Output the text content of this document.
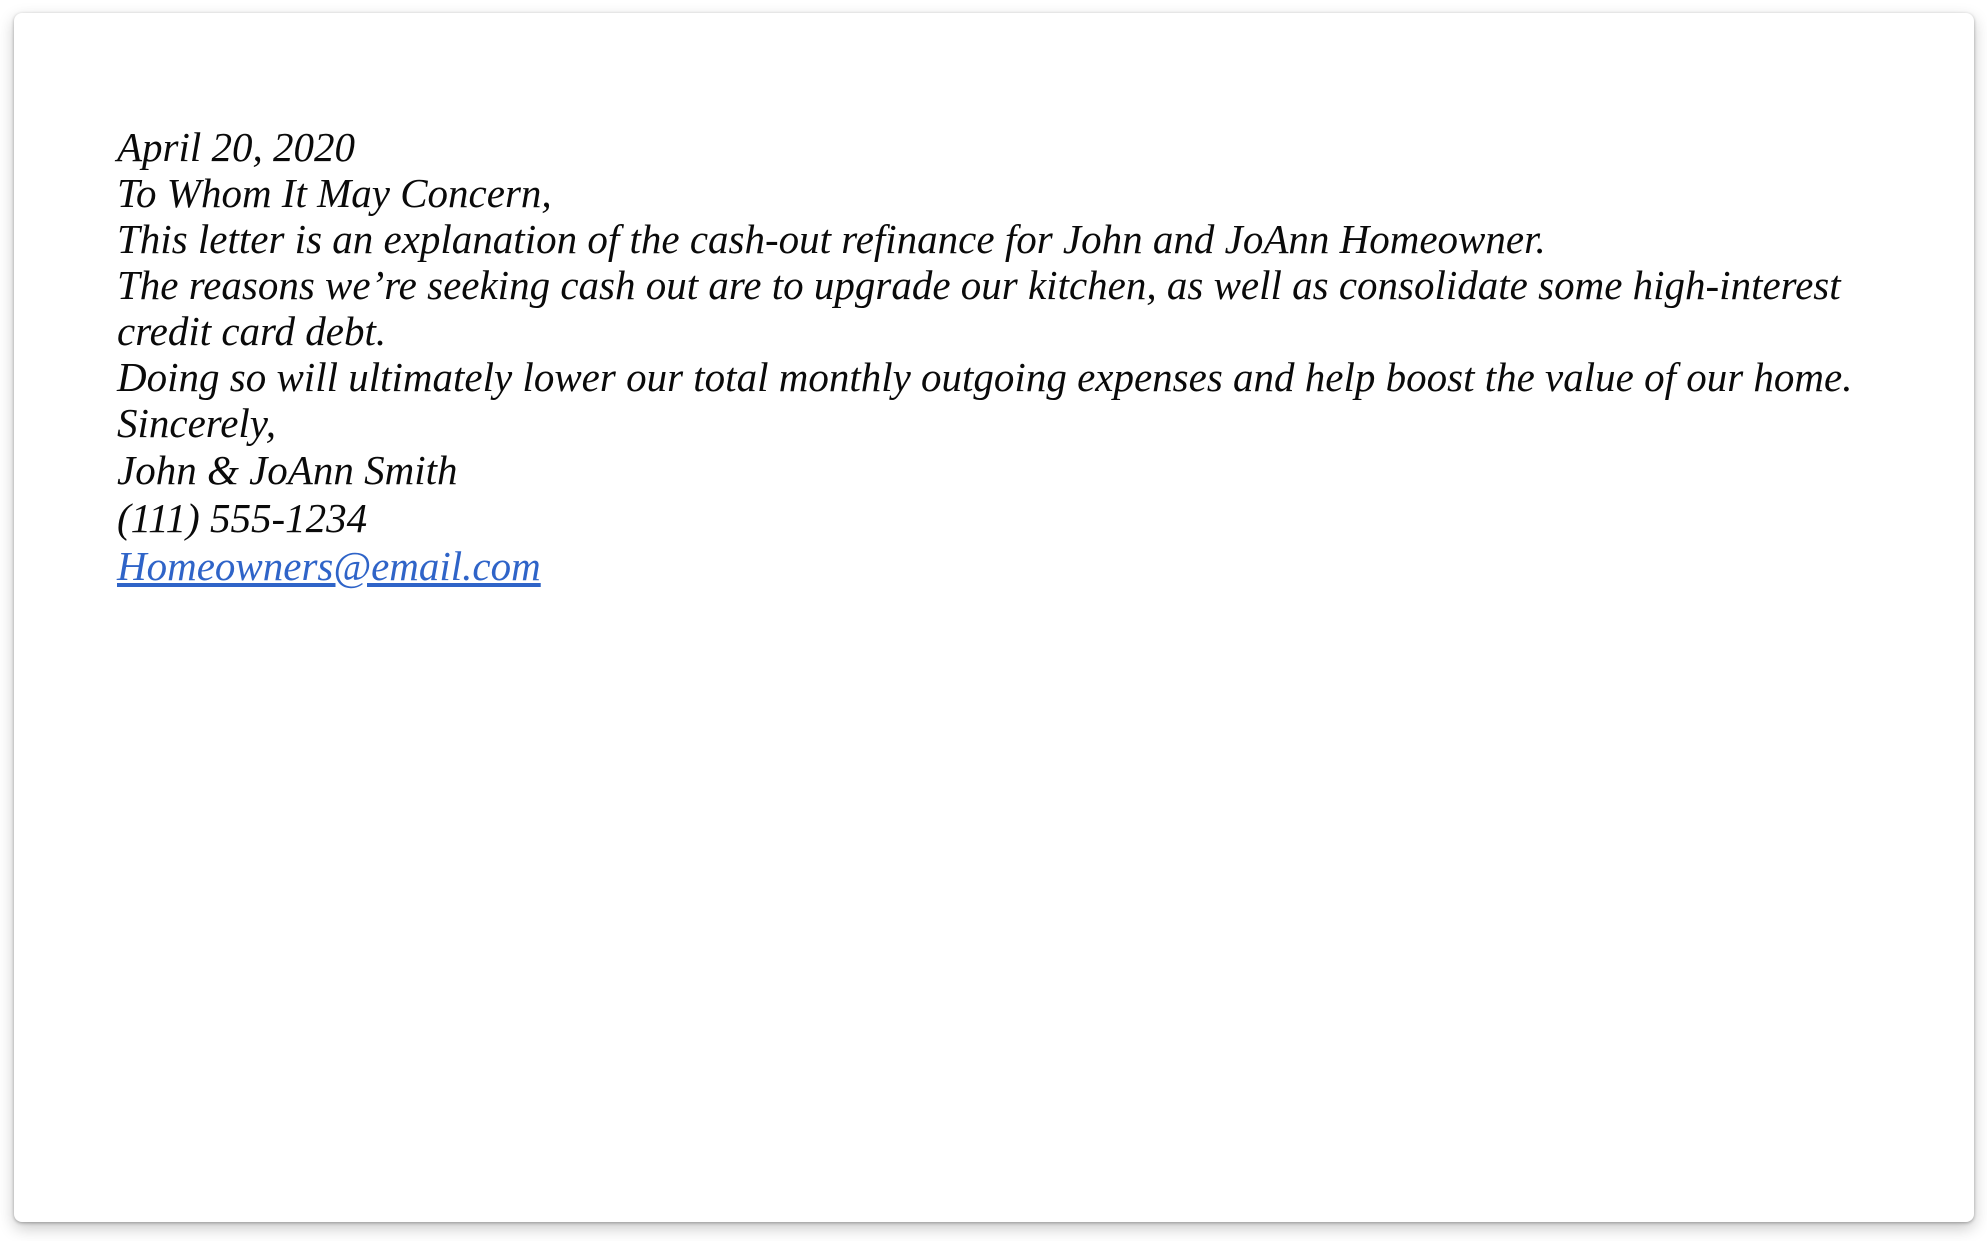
April 20, 2020

To Whom It May Concern,

This letter is an explanation of the cash-out refinance for John and JoAnn Homeowner.

The reasons we’re seeking cash out are to upgrade our kitchen, as well as consolidate some high-interest credit card debt.

Doing so will ultimately lower our total monthly outgoing expenses and help boost the value of our home.

Sincerely,

John & JoAnn Smith
(111) 555-1234
Homeowners@email.com
